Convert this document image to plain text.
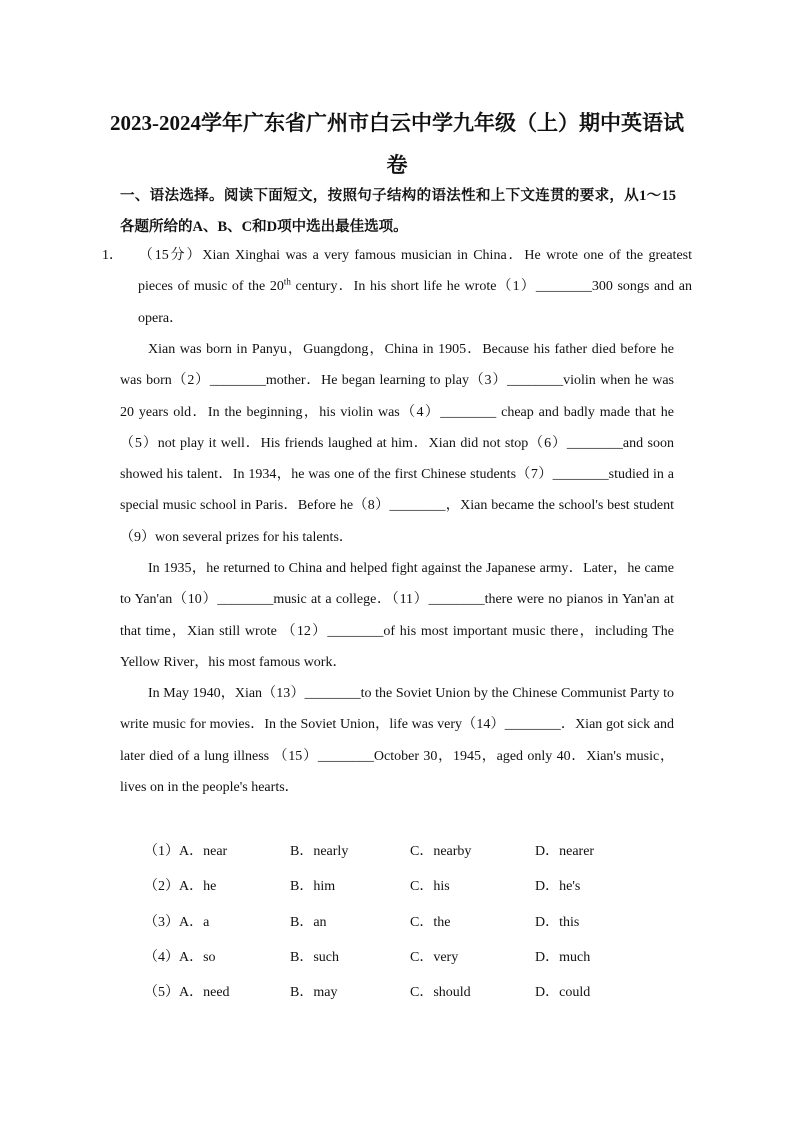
2023-2024学年广东省广州市白云中学九年级（上）期中英语试卷
一、语法选择。阅读下面短文，按照句子结构的语法性和上下文连贯的要求，从1～15各题所给的A、B、C和D项中选出最佳选项。
1． （15分）Xian Xinghai was a very famous musician in China．He wrote one of the greatest pieces of music of the 20th century．In his short life he wrote（1）________300 songs and an opera．
Xian was born in Panyu，Guangdong，China in 1905．Because his father died before he was born（2）________mother．He began learning to play（3）________violin when he was 20 years old．In the beginning，his violin was（4）________ cheap and badly made that he（5）not play it well．His friends laughed at him．Xian did not stop（6）________and soon showed his talent．In 1934，he was one of the first Chinese students（7）________studied in a special music school in Paris．Before he（8）________，Xian became the school's best student（9）won several prizes for his talents．
In 1935，he returned to China and helped fight against the Japanese army．Later，he came to Yan'an（10）________music at a college．（11）________there were no pianos in Yan'an at that time，Xian still wrote （12）________of his most important music there，including The Yellow River，his most famous work．
In May 1940，Xian（13）________to the Soviet Union by the Chinese Communist Party to write music for movies．In the Soviet Union，life was very（14）________．Xian got sick and later died of a lung illness （15）________October 30，1945，aged only 40．Xian's music，lives on in the people's hearts．
（1）A．near	B．nearly	C．nearby	D．nearer
（2）A．he	B．him	C．his	D．he's
（3）A．a	B．an	C．the	D．this
（4）A．so	B．such	C．very	D．much
（5）A．need	B．may	C．should	D．could
